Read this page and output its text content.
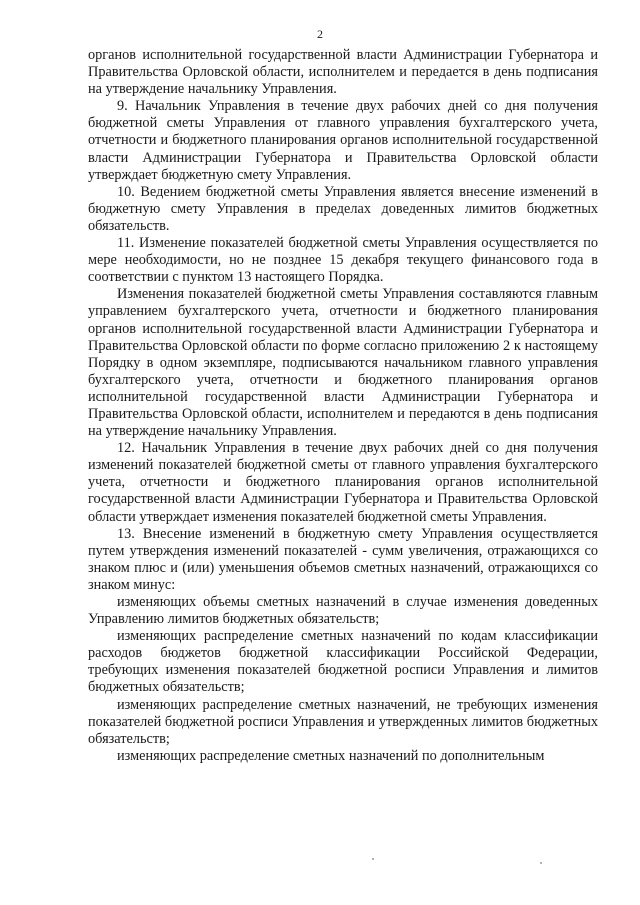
2

органов исполнительной государственной власти Администрации Губернатора и Правительства Орловской области, исполнителем и передается в день подписания на утверждение начальнику Управления.

9. Начальник Управления в течение двух рабочих дней со дня получения бюджетной сметы Управления от главного управления бухгалтерского учета, отчетности и бюджетного планирования органов исполнительной государственной власти Администрации Губернатора и Правительства Орловской области утверждает бюджетную смету Управления.

10. Ведением бюджетной сметы Управления является внесение изменений в бюджетную смету Управления в пределах доведенных лимитов бюджетных обязательств.

11. Изменение показателей бюджетной сметы Управления осуществляется по мере необходимости, но не позднее 15 декабря текущего финансового года в соответствии с пунктом 13 настоящего Порядка.

Изменения показателей бюджетной сметы Управления составляются главным управлением бухгалтерского учета, отчетности и бюджетного планирования органов исполнительной государственной власти Администрации Губернатора и Правительства Орловской области по форме согласно приложению 2 к настоящему Порядку в одном экземпляре, подписываются начальником главного управления бухгалтерского учета, отчетности и бюджетного планирования органов исполнительной государственной власти Администрации Губернатора и Правительства Орловской области, исполнителем и передаются в день подписания на утверждение начальнику Управления.

12. Начальник Управления в течение двух рабочих дней со дня получения изменений показателей бюджетной сметы от главного управления бухгалтерского учета, отчетности и бюджетного планирования органов исполнительной государственной власти Администрации Губернатора и Правительства Орловской области утверждает изменения показателей бюджетной сметы Управления.

13. Внесение изменений в бюджетную смету Управления осуществляется путем утверждения изменений показателей - сумм увеличения, отражающихся со знаком плюс и (или) уменьшения объемов сметных назначений, отражающихся со знаком минус:

изменяющих объемы сметных назначений в случае изменения доведенных Управлению лимитов бюджетных обязательств;

изменяющих распределение сметных назначений по кодам классификации расходов бюджетов бюджетной классификации Российской Федерации, требующих изменения показателей бюджетной росписи Управления и лимитов бюджетных обязательств;

изменяющих распределение сметных назначений, не требующих изменения показателей бюджетной росписи Управления и утвержденных лимитов бюджетных обязательств;

изменяющих распределение сметных назначений по дополнительным
